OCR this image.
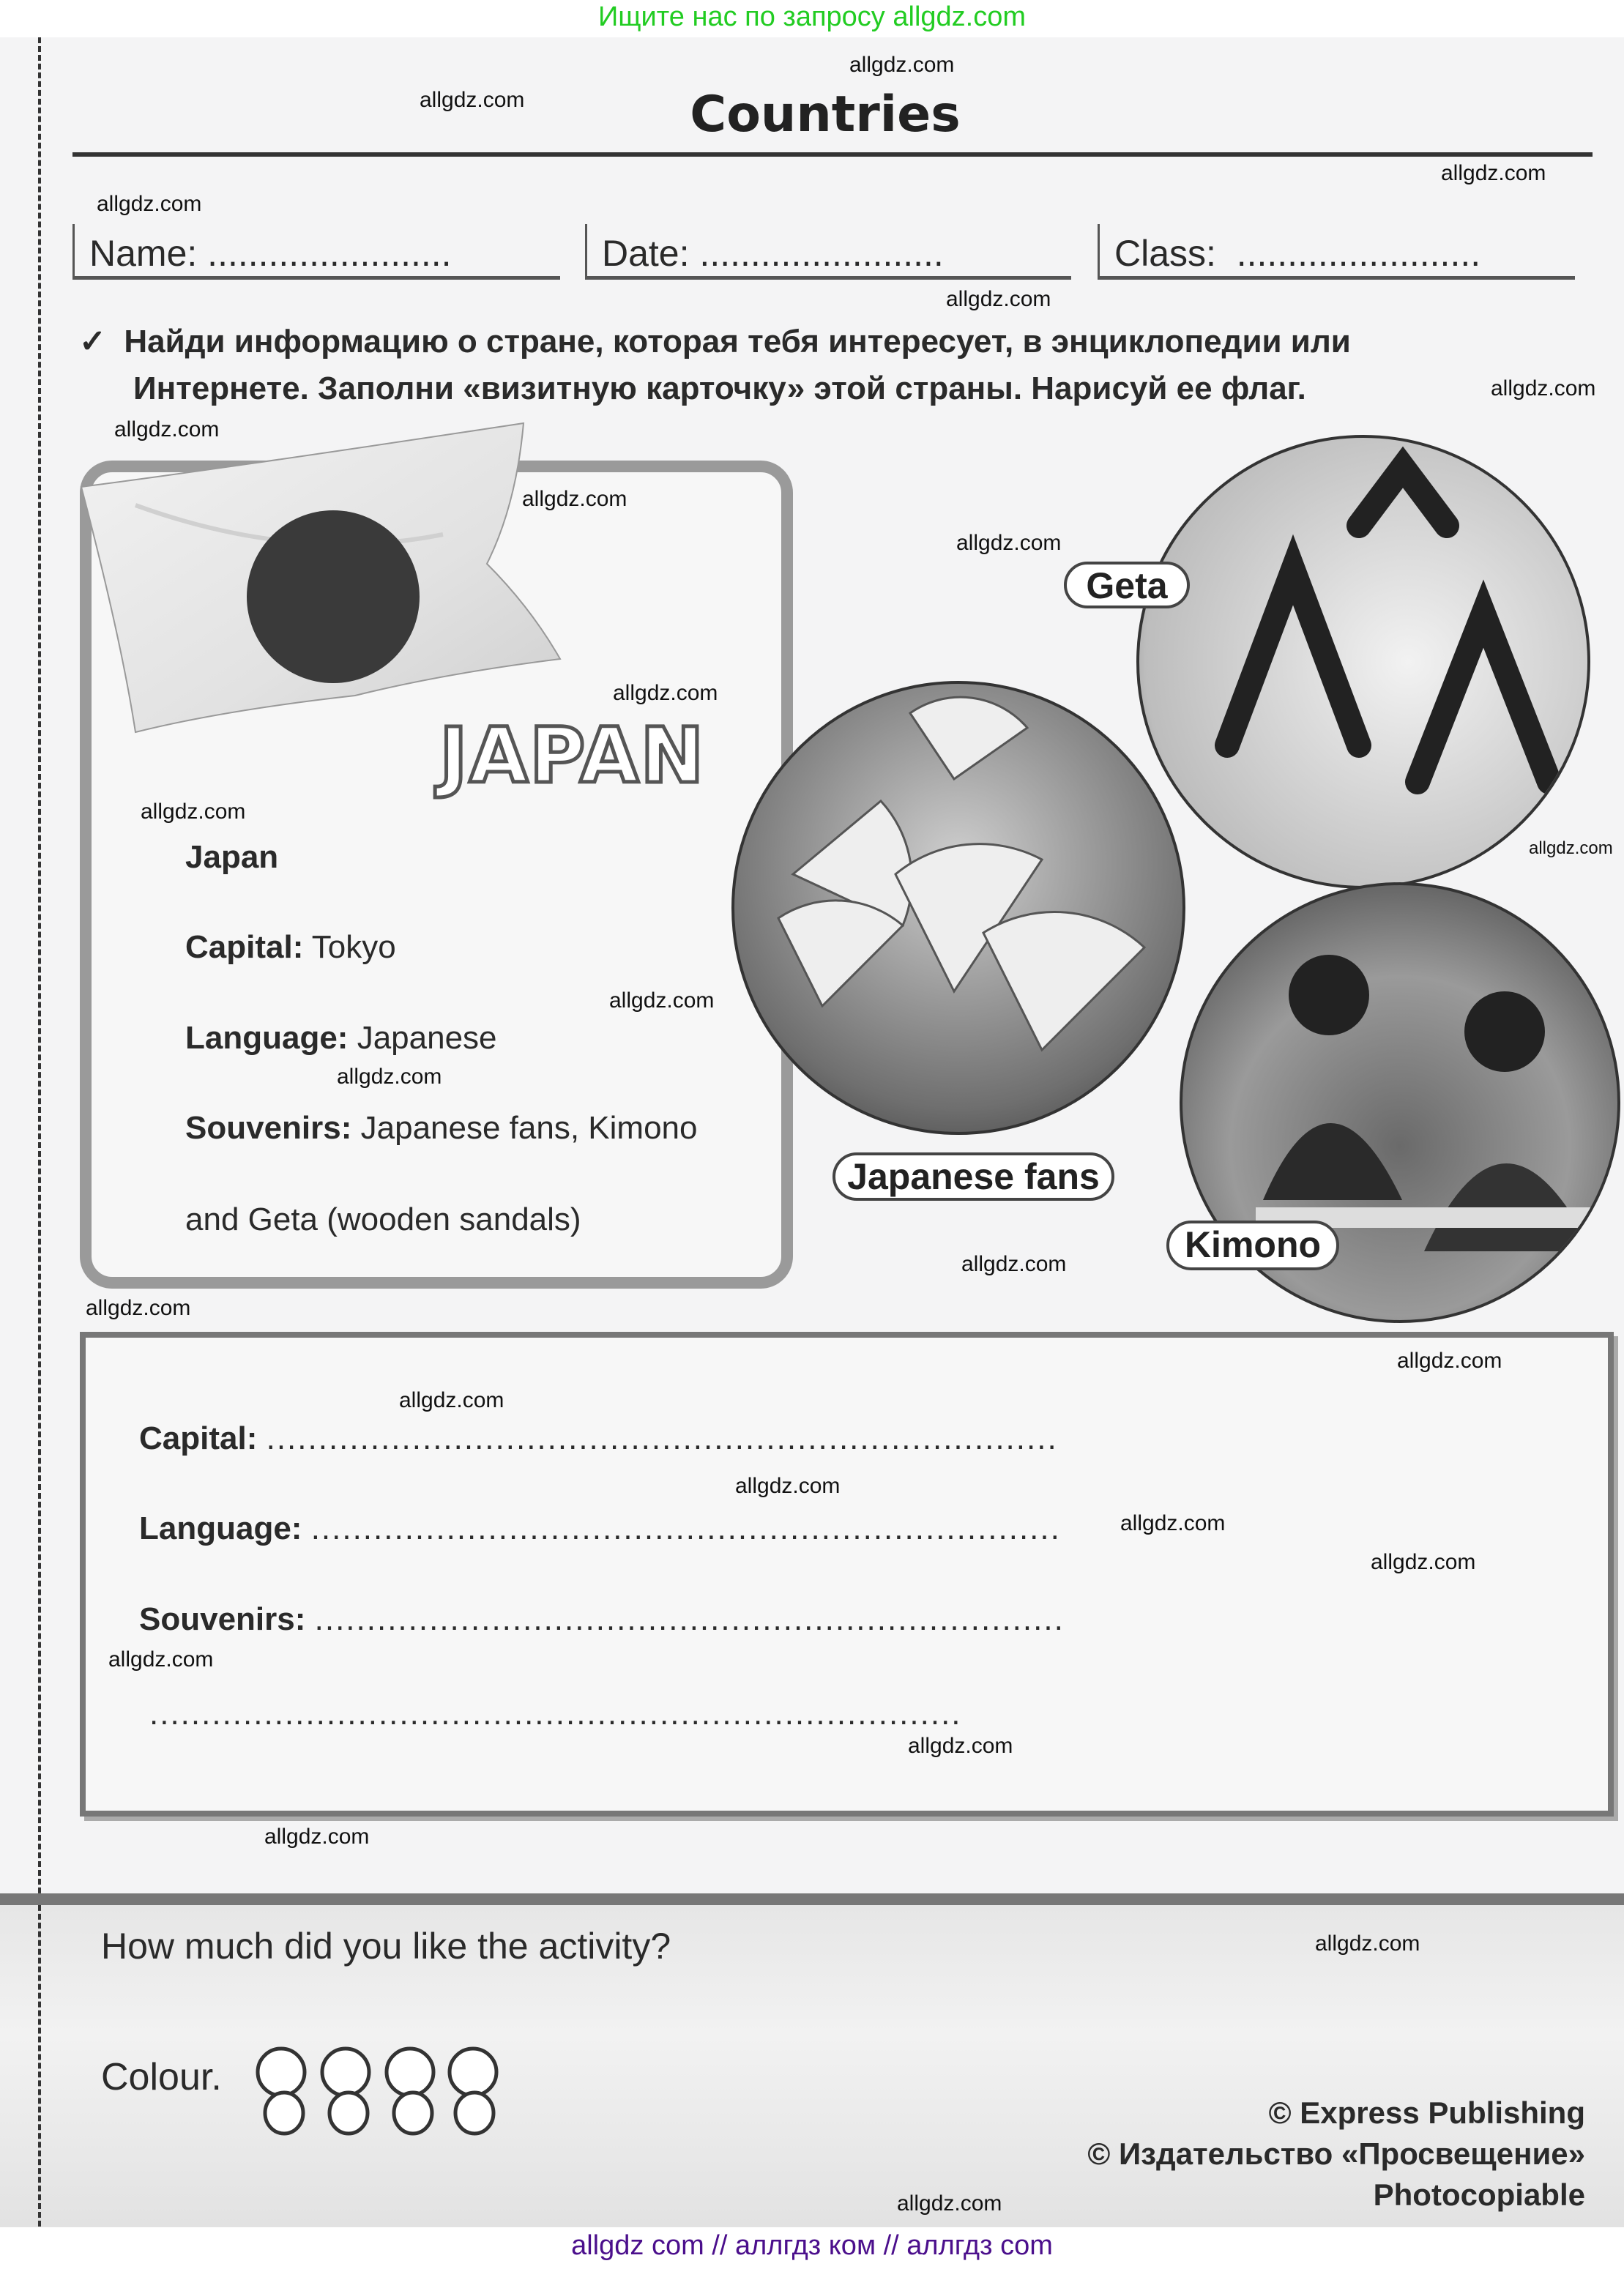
Ищите нас по запросу allgdz.com
Countries
Name: ........................	Date: ........................	Class: ........................
✓ Найди информацию о стране, которая тебя интересует, в энциклопедии или
Интернете. Заполни «визитную карточку» этой страны. Нарисуй ее флаг.
JAPAN
Japan
Capital: Tokyo
Language: Japanese
Souvenirs: Japanese fans, Kimono
and Geta (wooden sandals)
Geta
Japanese fans
Kimono
Capital: ............................................................................
Language: ........................................................................
Souvenirs: ........................................................................
..............................................................................
How much did you like the activity?
Colour.
© Express Publishing
© Издательство «Просвещение»
Photocopiable
allgdz com // аллгдз ком // аллгдз com
allgdz.com
allgdz.com
allgdz.com
allgdz.com
allgdz.com
allgdz.com
allgdz.com
allgdz.com
allgdz.com
allgdz.com
allgdz.com
allgdz.com
allgdz.com
allgdz.com
allgdz.com
allgdz.com
allgdz.com
allgdz.com
allgdz.com
allgdz.com
allgdz.com
allgdz.com
allgdz.com
allgdz.com
allgdz.com
allgdz.com
